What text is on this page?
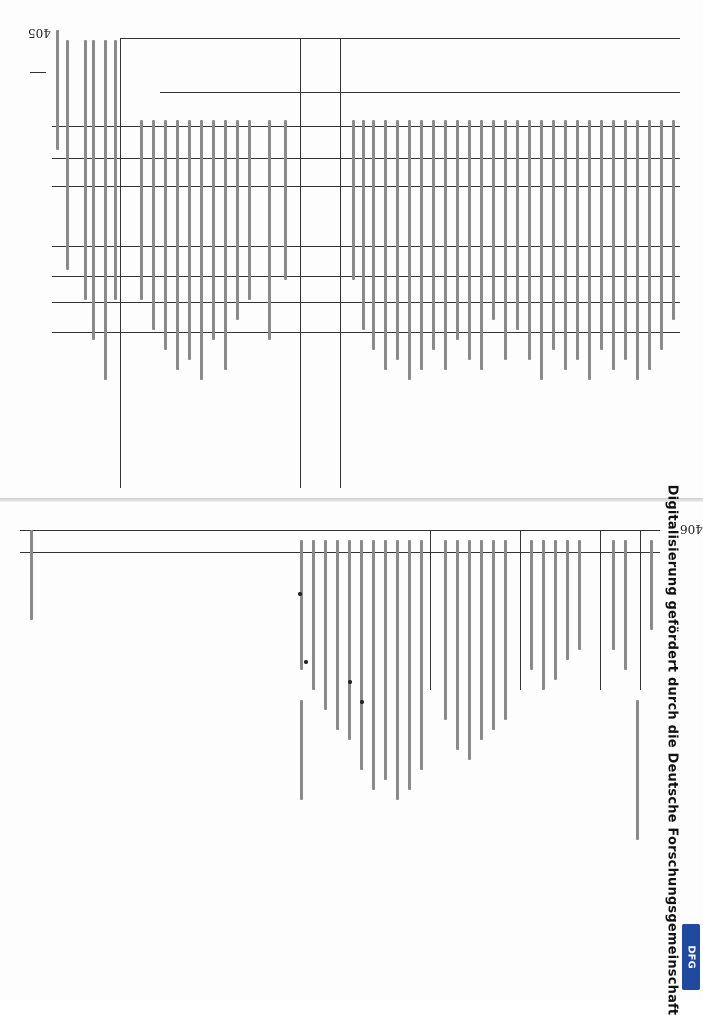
405
406
Digitalisierung gefördert durch die Deutsche Forschungsgemeinschaft DFG
